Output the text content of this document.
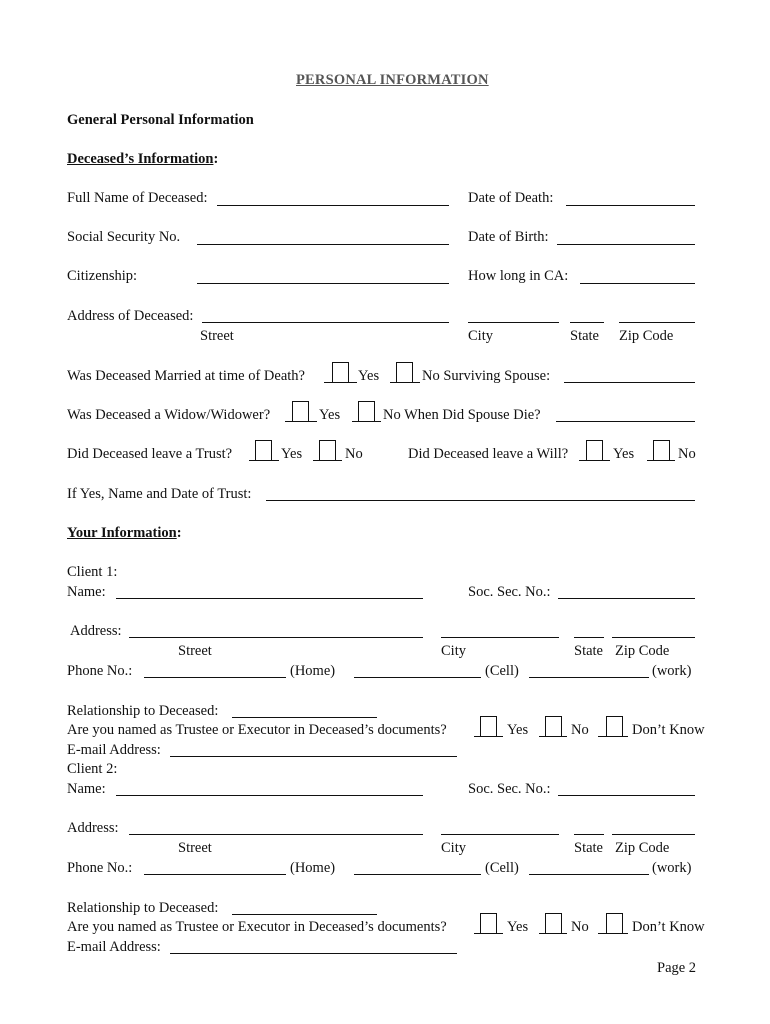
PERSONAL INFORMATION
General Personal Information
Deceased’s Information:
Full Name of Deceased:	Date of Death:
Social Security No.	Date of Birth:
Citizenship:	How long in CA:
Address of Deceased:
Street	City	State Zip Code
Was Deceased Married at time of Death?	Yes	No Surviving Spouse:
Was Deceased a Widow/Widower?	Yes	No When Did Spouse Die?
Did Deceased leave a Trust?	Yes	No	Did Deceased leave a Will?	Yes	No
If Yes, Name and Date of Trust:
Your Information:
Client 1:
Name:	Soc. Sec. No.:
Address:
Street	City	State Zip Code
Phone No.:	(Home)	(Cell)	(work)
Relationship to Deceased:
Are you named as Trustee or Executor in Deceased’s documents?	Yes	No	Don’t Know
E-mail Address:
Client 2:
Name:	Soc. Sec. No.:
Address:
Street	City	State Zip Code
Phone No.:	(Home)	(Cell)	(work)
Relationship to Deceased:
Are you named as Trustee or Executor in Deceased’s documents?	Yes	No	Don’t Know
E-mail Address:
Page 2
